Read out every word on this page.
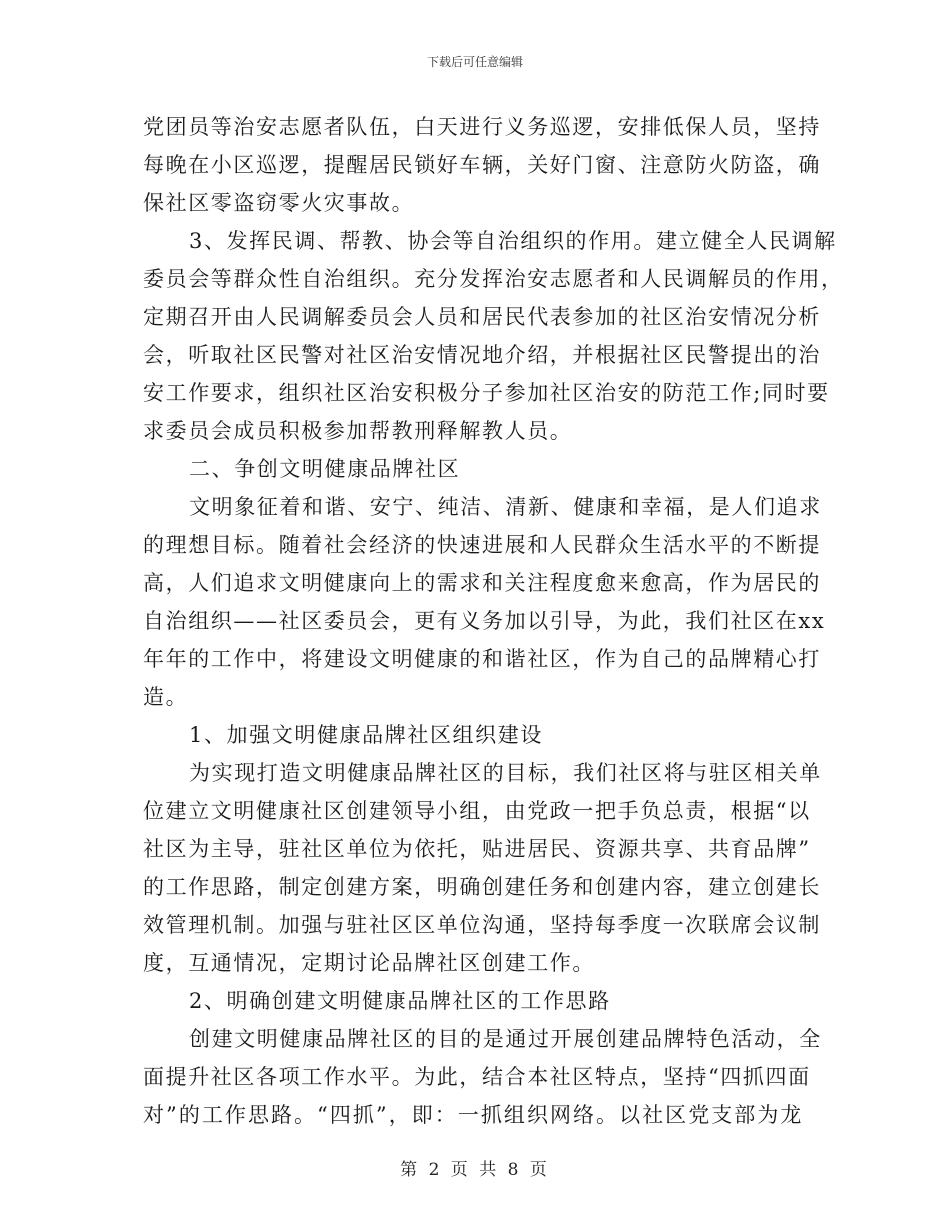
下载后可任意编辑
党团员等治安志愿者队伍，白天进行义务巡逻，安排低保人员，坚持
每晚在小区巡逻，提醒居民锁好车辆，关好门窗、注意防火防盗，确
保社区零盗窃零火灾事故。
3、发挥民调、帮教、协会等自治组织的作用。建立健全人民调解
委员会等群众性自治组织。充分发挥治安志愿者和人民调解员的作用，
定期召开由人民调解委员会人员和居民代表参加的社区治安情况分析
会，听取社区民警对社区治安情况地介绍，并根据社区民警提出的治
安工作要求，组织社区治安积极分子参加社区治安的防范工作;同时要
求委员会成员积极参加帮教刑释解教人员。
二、争创文明健康品牌社区
文明象征着和谐、安宁、纯洁、清新、健康和幸福，是人们追求
的理想目标。随着社会经济的快速进展和人民群众生活水平的不断提
高，人们追求文明健康向上的需求和关注程度愈来愈高，作为居民的
自治组织——社区委员会，更有义务加以引导，为此，我们社区在xx
年年的工作中，将建设文明健康的和谐社区，作为自己的品牌精心打
造。
1、加强文明健康品牌社区组织建设
为实现打造文明健康品牌社区的目标，我们社区将与驻区相关单
位建立文明健康社区创建领导小组，由党政一把手负总责，根据“以
社区为主导，驻社区单位为依托，贴进居民、资源共享、共育品牌”
的工作思路，制定创建方案，明确创建任务和创建内容，建立创建长
效管理机制。加强与驻社区区单位沟通，坚持每季度一次联席会议制
度，互通情况，定期讨论品牌社区创建工作。
2、明确创建文明健康品牌社区的工作思路
创建文明健康品牌社区的目的是通过开展创建品牌特色活动，全
面提升社区各项工作水平。为此，结合本社区特点，坚持“四抓四面
对”的工作思路。“四抓”，即：一抓组织网络。以社区党支部为龙
第 2 页 共 8 页
